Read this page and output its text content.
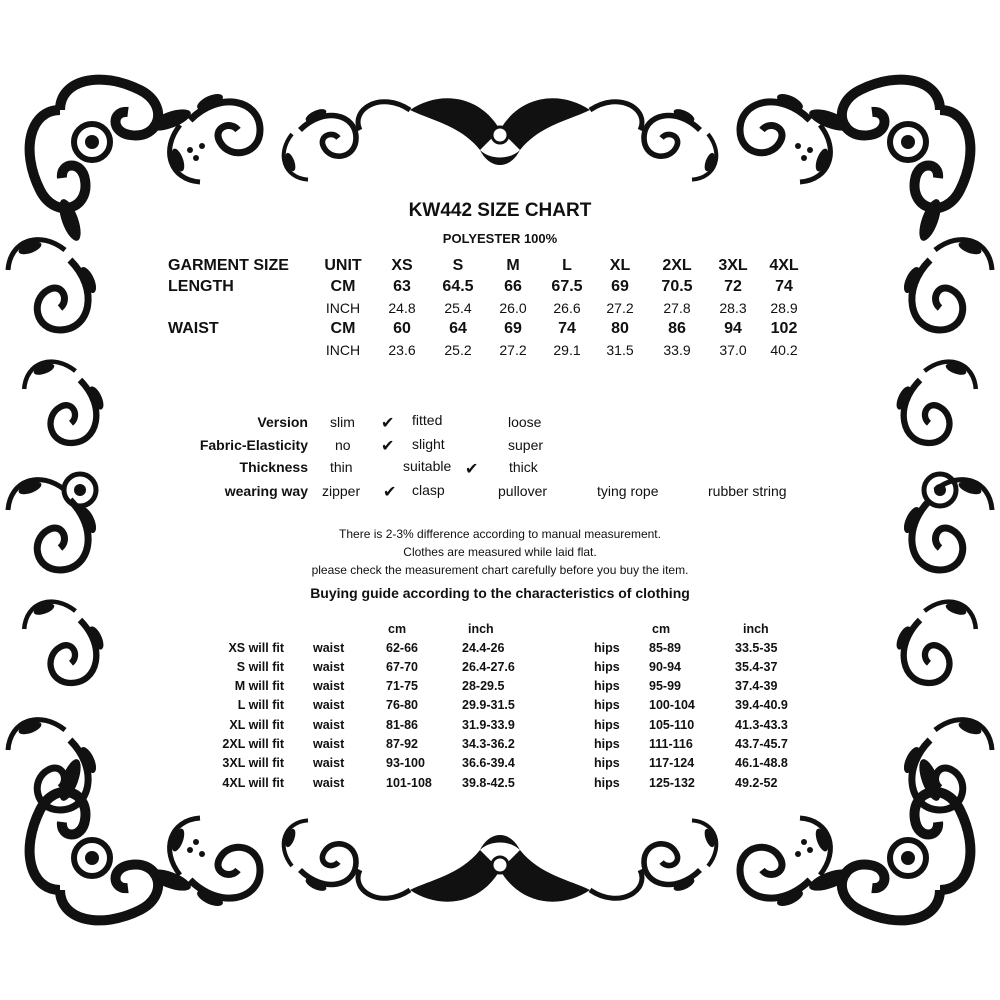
KW442 SIZE CHART
POLYESTER 100%
GARMENT SIZE	UNIT	XS	S	M	L	XL	2XL	3XL	4XL
LENGTH	CM	63	64.5	66	67.5	69	70.5	72	74
INCH	24.8	25.4	26.0	26.6	27.2	27.8	28.3	28.9
WAIST	CM	60	64	69	74	80	86	94	102
INCH	23.6	25.2	27.2	29.1	31.5	33.9	37.0	40.2
Version slim ✔ fitted	loose
Fabric-Elasticity no ✔ slight	super
Thickness thin	suitable ✔ thick
wearing way zipper ✔ clasp	pullover	tying rope	rubber string
There is 2-3% difference according to manual measurement.
Clothes are measured while laid flat.
please check the measurement chart carefully before you buy the item.
Buying guide according to the characteristics of clothing
cm	inch	cm	inch
XS will fit waist	62-66	24.4-26	hips 85-89	33.5-35
S will fit waist	67-70	26.4-27.6	hips 90-94	35.4-37
M will fit waist	71-75	28-29.5	hips 95-99	37.4-39
L will fit waist	76-80	29.9-31.5	hips 100-104	39.4-40.9
XL will fit waist	81-86	31.9-33.9	hips 105-110	41.3-43.3
2XL will fit waist	87-92	34.3-36.2	hips 111-116	43.7-45.7
3XL will fit waist	93-100	36.6-39.4	hips 117-124	46.1-48.8
4XL will fit waist	101-108 39.8-42.5	hips 125-132	49.2-52
